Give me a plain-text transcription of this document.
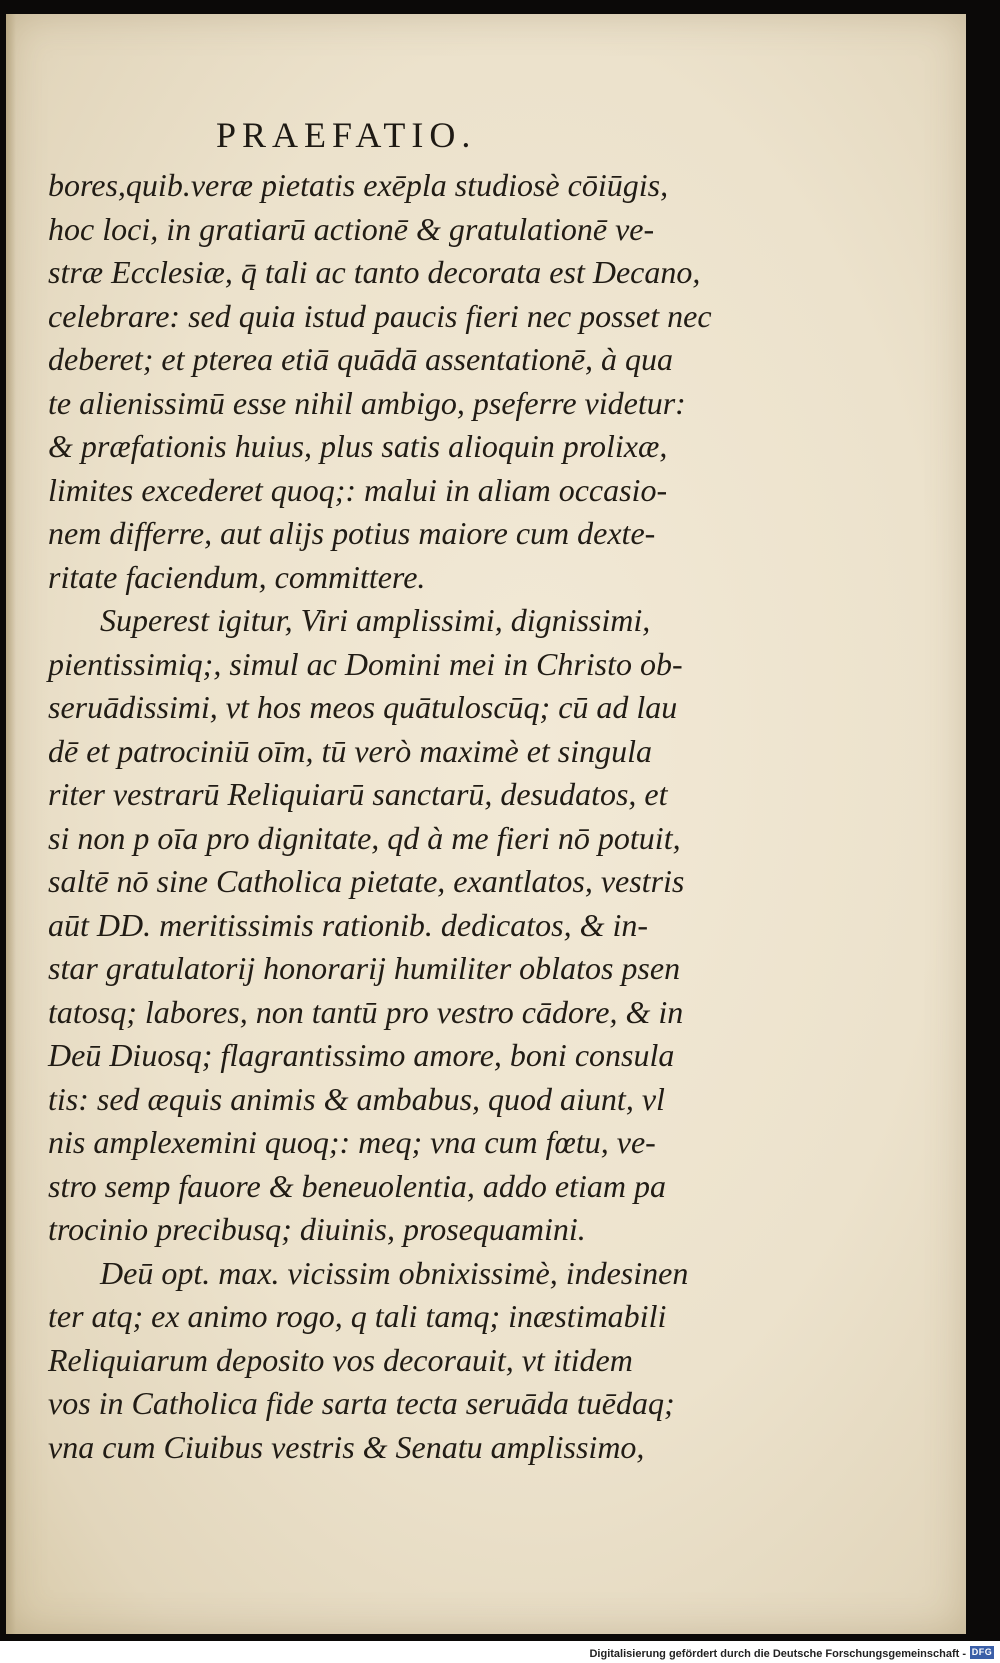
PRAEFATIO.
bores,quib.veræ pietatis exēpla studiosè cōiūgis,
hoc loci, in gratiarū actionē & gratulationē ve-
stræ Ecclesiæ, q̄ tali ac tanto decorata est Decano,
celebrare: sed quia istud paucis fieri nec posset nec
deberet; et pterea etiā quādā assentationē, à qua
te alienissimū esse nihil ambigo, pseferre videtur:
& præfationis huius, plus satis alioquin prolixæ,
limites excederet quoq;: malui in aliam occasio-
nem differre, aut alijs potius maiore cum dexte-
ritate faciendum, committere.
Superest igitur, Viri amplissimi, dignissimi,
pientissimiq;, simul ac Domini mei in Christo ob-
seruādissimi, vt hos meos quātuloscūq; cū ad lau
dē et patrociniū oīm, tū verò maximè et singula
riter vestrarū Reliquiarū sanctarū, desudatos, et
si non p oīa pro dignitate, qd à me fieri nō potuit,
saltē nō sine Catholica pietate, exantlatos, vestris
aūt DD. meritissimis rationib. dedicatos, & in-
star gratulatorij honorarij humiliter oblatos psen
tatosq; labores, non tantū pro vestro cādore, & in
Deū Diuosq; flagrantissimo amore, boni consula
tis: sed æquis animis & ambabus, quod aiunt, vl
nis amplexemini quoq;: meq; vna cum fœtu, ve-
stro semp fauore & beneuolentia, addo etiam pa
trocinio precibusq; diuinis, prosequamini.
Deū opt. max. vicissim obnixissimè, indesinen
ter atq; ex animo rogo, q tali tamq; inæstimabili
Reliquiarum deposito vos decorauit, vt itidem
vos in Catholica fide sarta tecta seruāda tuēdaq;
vna cum Ciuibus vestris & Senatu amplissimo,
Digitalisierung gefördert durch die Deutsche Forschungsgemeinschaft - DFG
